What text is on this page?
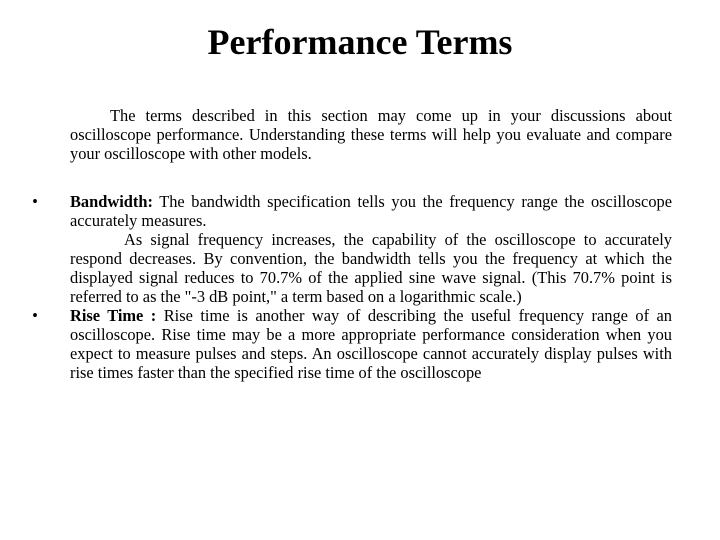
Performance Terms

The terms described in this section may come up in your discussions about oscilloscope performance. Understanding these terms will help you evaluate and compare your oscilloscope with other models.

• Bandwidth: The bandwidth specification tells you the frequency range the oscilloscope accurately measures.
As signal frequency increases, the capability of the oscilloscope to accurately respond decreases. By convention, the bandwidth tells you the frequency at which the displayed signal reduces to 70.7% of the applied sine wave signal. (This 70.7% point is referred to as the "-3 dB point," a term based on a logarithmic scale.)
• Rise Time : Rise time is another way of describing the useful frequency range of an oscilloscope. Rise time may be a more appropriate performance consideration when you expect to measure pulses and steps. An oscilloscope cannot accurately display pulses with rise times faster than the specified rise time of the oscilloscope
